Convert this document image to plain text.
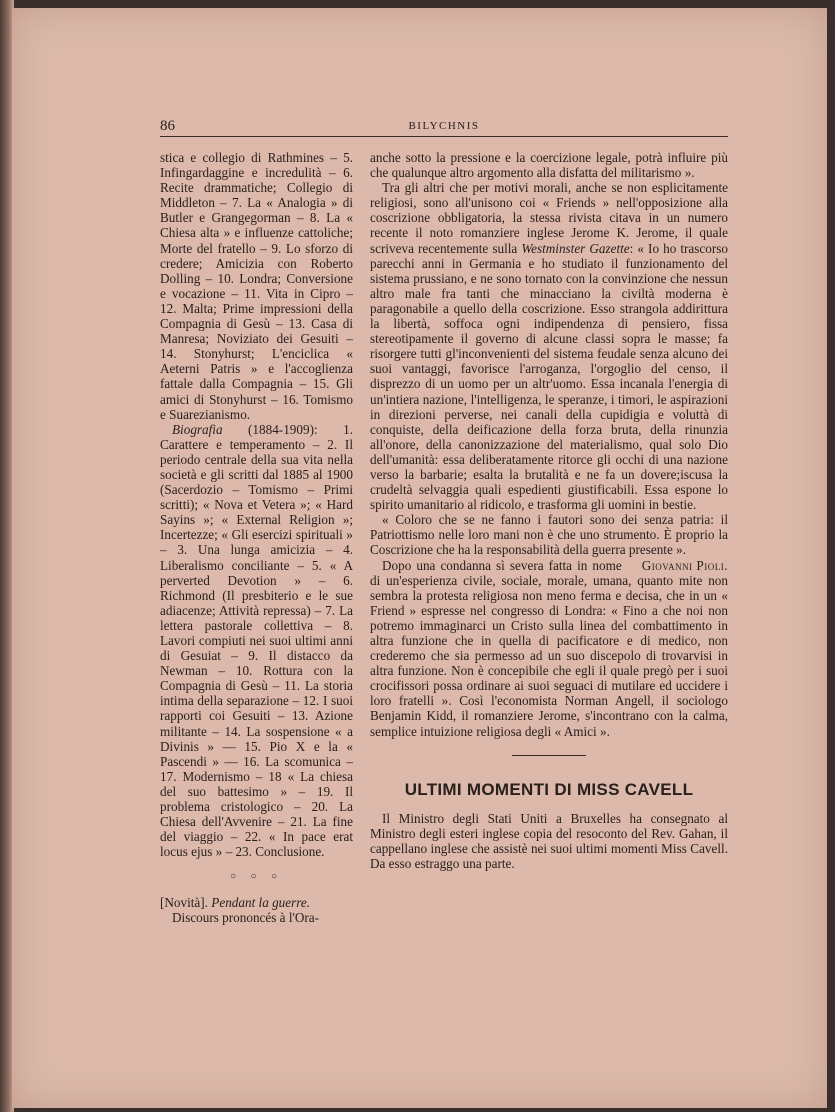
86	BILYCHNIS

stica e collegio di Rathmines – 5. Infingardaggine e incredulità – 6. Recite drammatiche; Collegio di Middleton – 7. La « Analogia » di Butler e Grangegorman – 8. La « Chiesa alta » e influenze cattoliche; Morte del fratello – 9. Lo sforzo di credere; Amicizia con Roberto Dolling – 10. Londra; Conversione e vocazione – 11. Vita in Cipro – 12. Malta; Prime impressioni della Compagnia di Gesù – 13. Casa di Manresa; Noviziato dei Gesuiti – 14. Stonyhurst; L'enciclica « Aeterni Patris » e l'accoglienza fattale dalla Compagnia – 15. Gli amici di Stonyhurst – 16. Tomismo e Suarezianismo.

Biografia (1884-1909): 1. Carattere e temperamento – 2. Il periodo centrale della sua vita nella società e gli scritti dal 1885 al 1900 (Sacerdozio – Tomismo – Primi scritti); « Nova et Vetera »; « Hard Sayins »; « External Religion »; Incertezze; « Gli esercizi spirituali » – 3. Una lunga amicizia – 4. Liberalismo conciliante – 5. « A perverted Devotion » – 6. Richmond (Il presbiterio e le sue adiacenze; Attività repressa) – 7. La lettera pastorale collettiva – 8. Lavori compiuti nei suoi ultimi anni di Gesuiat – 9. Il distacco da Newman – 10. Rottura con la Compagnia di Gesù – 11. La storia intima della separazione – 12. I suoi rapporti coi Gesuiti – 13. Azione militante – 14. La sospensione « a Divinis » — 15. Pio X e la « Pascendi » — 16. La scomunica – 17. Modernismo – 18 « La chiesa del suo battesimo » – 19. Il problema cristologico – 20. La Chiesa dell'Avvenire – 21. La fine del viaggio – 22. « In pace erat locus ejus » – 23. Conclusione.

○ ○ ○

[Novità]. Pendant la guerre.
Discours prononcés à l'Ora-

anche sotto la pressione e la coercizione legale, potrà influire più che qualunque altro argomento alla disfatta del militarismo ».

Tra gli altri che per motivi morali, anche se non esplicitamente religiosi, sono all'unisono coi « Friends » nell'opposizione alla coscrizione obbligatoria, la stessa rivista citava in un numero recente il noto romanziere inglese Jerome K. Jerome, il quale scriveva recentemente sulla Westminster Gazette: « Io ho trascorso parecchi anni in Germania e ho studiato il funzionamento del sistema prussiano, e ne sono tornato con la convinzione che nessun altro male fra tanti che minacciano la civiltà moderna è paragonabile a quello della coscrizione. Esso strangola addirittura la libertà, soffoca ogni indipendenza di pensiero, fissa stereotipamente il governo di alcune classi sopra le masse; fa risorgere tutti gl'inconvenienti del sistema feudale senza alcuno dei suoi vantaggi, favorisce l'arroganza, l'orgoglio del censo, il disprezzo di un uomo per un altr'uomo. Essa incanala l'energia di un'intiera nazione, l'intelligenza, le speranze, i timori, le aspirazioni in direzioni perverse, nei canali della cupidigia e voluttà di conquiste, della deificazione della forza bruta, della rinunzia all'onore, della canonizzazione del materialismo, qual solo Dio dell'umanità: essa deliberatamente ritorce gli occhi di una nazione verso la barbarie; esalta la brutalità e ne fa un dovere;iscusa la crudeltà selvaggia quali espedienti giustificabili. Essa espone lo spirito umanitario al ridicolo, e trasforma gli uomini in bestie.

« Coloro che se ne fanno i fautori sono dei senza patria: il Patriottismo nelle loro mani non è che uno strumento. È proprio la Coscrizione che ha la responsabilità della guerra presente ».

Giovanni Pioli.
Dopo una condanna sì severa fatta in nome di un'esperienza civile, sociale, morale, umana, quanto mite non sembra la protesta religiosa non meno ferma e decisa, che in un « Friend » espresse nel congresso di Londra: « Fino a che noi non potremo immaginarci un Cristo sulla linea del combattimento in altra funzione che in quella di pacificatore e di medico, non crederemo che sia permesso ad un suo discepolo di trovarvisi in altra funzione. Non è concepibile che egli il quale pregò per i suoi crocifissori possa ordinare ai suoi seguaci di mutilare ed uccidere i loro fratelli ». Così l'economista Norman Angell, il sociologo Benjamin Kidd, il romanziere Jerome, s'incontrano con la calma, semplice intuizione religiosa degli « Amici ».

ULTIMI MOMENTI DI MISS CAVELL

Il Ministro degli Stati Uniti a Bruxelles ha consegnato al Ministro degli esteri inglese copia del resoconto del Rev. Gahan, il cappellano inglese che assistè nei suoi ultimi momenti Miss Cavell. Da esso estraggo una parte.
